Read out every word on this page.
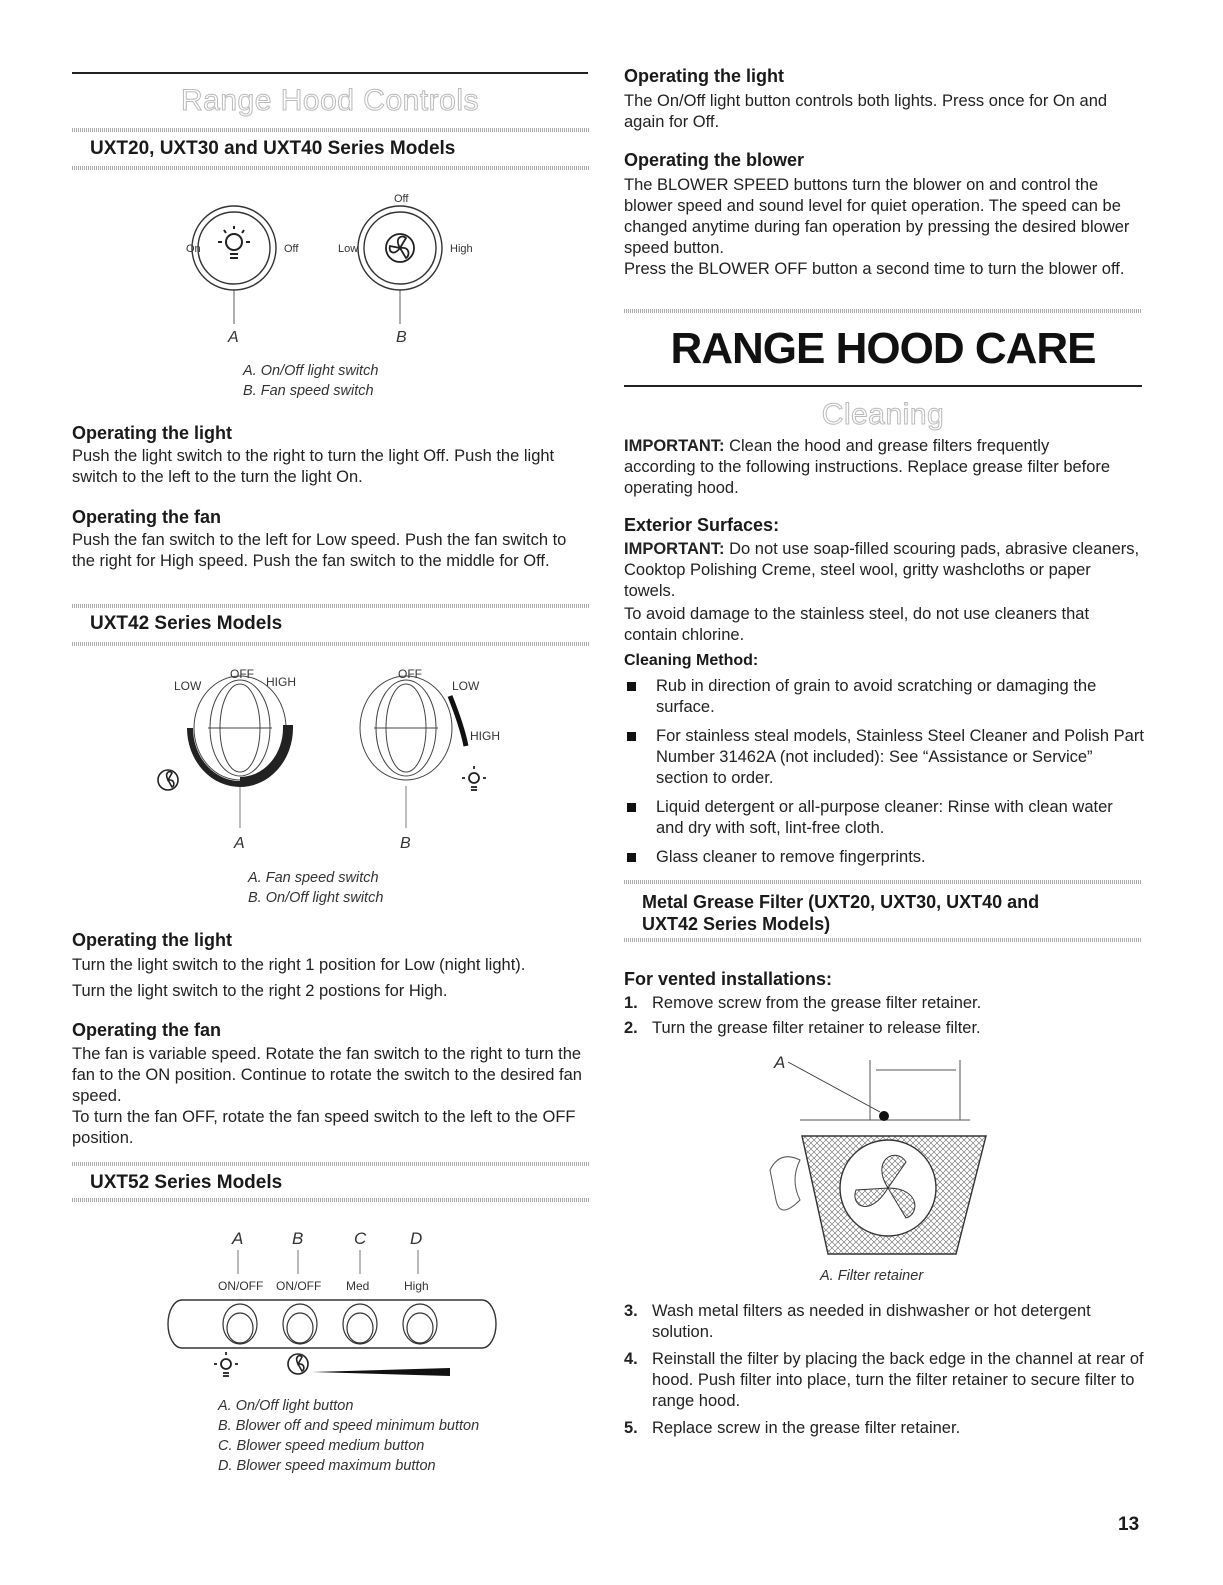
Range Hood Controls
UXT20, UXT30 and UXT40 Series Models
On	Off
Off
Low	High
A	B
A. On/Off light switch
B. Fan speed switch
Operating the light
Push the light switch to the right to turn the light Off. Push the light switch to the left to the turn the light On.
Operating the fan
Push the fan switch to the left for Low speed. Push the fan switch to the right for High speed. Push the fan switch to the middle for Off.
UXT42 Series Models
LOW
OFF
HIGH
OFF
LOW
HIGH
A	B
A. Fan speed switch
B. On/Off light switch
Operating the light
Turn the light switch to the right 1 position for Low (night light).
Turn the light switch to the right 2 postions for High.
Operating the fan
The fan is variable speed. Rotate the fan switch to the right to turn the fan to the ON position. Continue to rotate the switch to the desired fan speed.
To turn the fan OFF, rotate the fan speed switch to the left to the OFF position.
UXT52 Series Models
A	B	C	D
ON/OFF ON/OFF Med	High
A. On/Off light button
B. Blower off and speed minimum button
C. Blower speed medium button
D. Blower speed maximum button
Operating the light
The On/Off light button controls both lights. Press once for On and again for Off.
Operating the blower
The BLOWER SPEED buttons turn the blower on and control the blower speed and sound level for quiet operation. The speed can be changed anytime during fan operation by pressing the desired blower speed button.
Press the BLOWER OFF button a second time to turn the blower off.
RANGE HOOD CARE
Cleaning
IMPORTANT: Clean the hood and grease filters frequently according to the following instructions. Replace grease filter before operating hood.
Exterior Surfaces:
IMPORTANT: Do not use soap-filled scouring pads, abrasive cleaners, Cooktop Polishing Creme, steel wool, gritty washcloths or paper towels.
To avoid damage to the stainless steel, do not use cleaners that contain chlorine.
Cleaning Method:
Rub in direction of grain to avoid scratching or damaging the surface.
For stainless steal models, Stainless Steel Cleaner and Polish Part Number 31462A (not included): See “Assistance or Service” section to order.
Liquid detergent or all-purpose cleaner: Rinse with clean water and dry with soft, lint-free cloth.
Glass cleaner to remove fingerprints.
Metal Grease Filter (UXT20, UXT30, UXT40 and UXT42 Series Models)
For vented installations:
1. Remove screw from the grease filter retainer.
2. Turn the grease filter retainer to release filter.
A
A. Filter retainer
3. Wash metal filters as needed in dishwasher or hot detergent solution.
4. Reinstall the filter by placing the back edge in the channel at rear of hood. Push filter into place, turn the filter retainer to secure filter to range hood.
5. Replace screw in the grease filter retainer.
13
